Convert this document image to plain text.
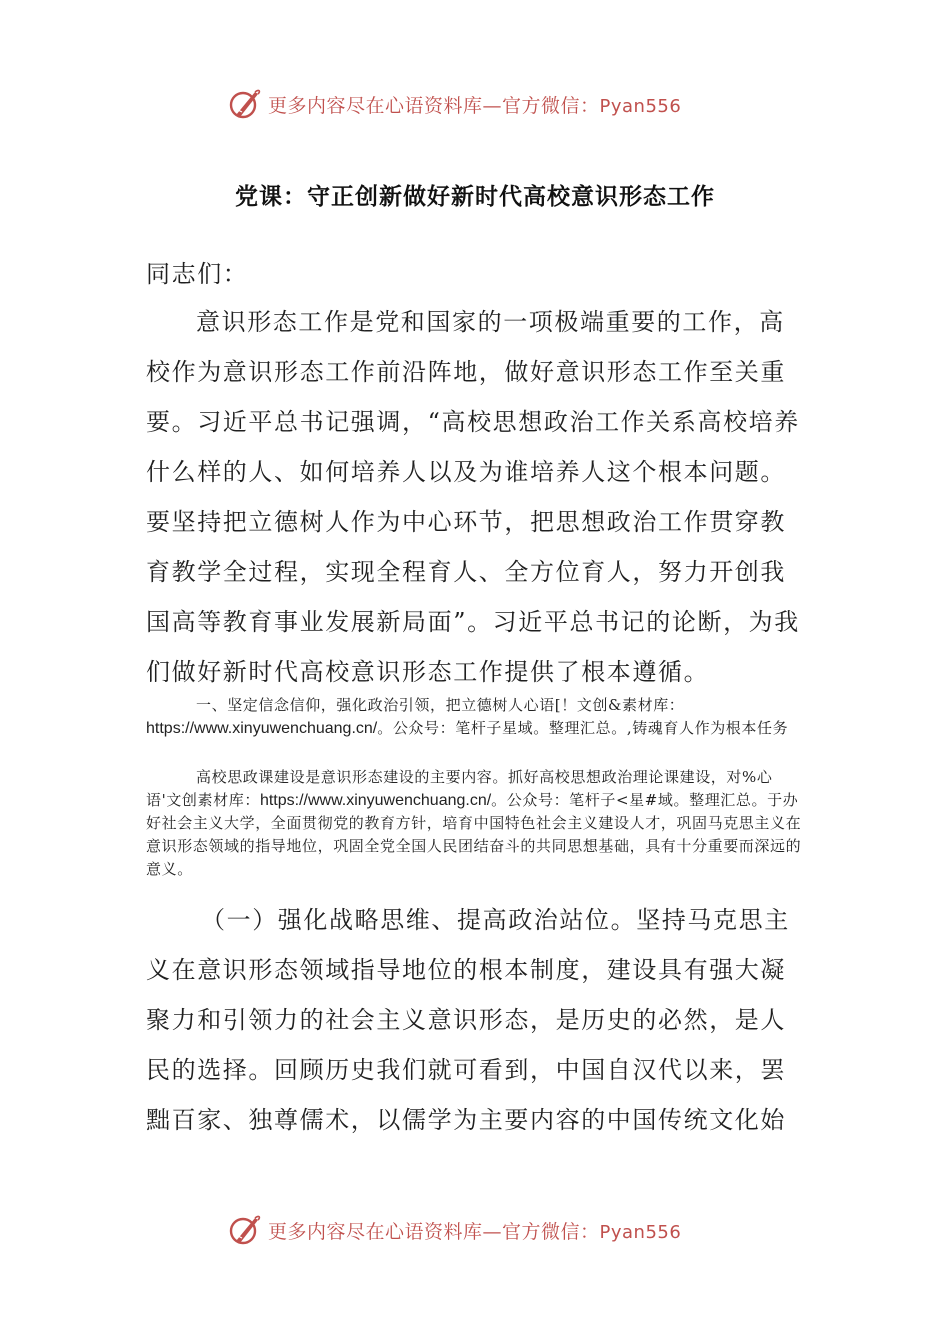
更多内容尽在心语资料库—官方微信：Pyan556
党课：守正创新做好新时代高校意识形态工作

同志们：

意识形态工作是党和国家的一项极端重要的工作，高校作为意识形态工作前沿阵地，做好意识形态工作至关重要。习近平总书记强调，“高校思想政治工作关系高校培养什么样的人、如何培养人以及为谁培养人这个根本问题。要坚持把立德树人作为中心环节，把思想政治工作贯穿教育教学全过程，实现全程育人、全方位育人，努力开创我国高等教育事业发展新局面”。习近平总书记的论断，为我们做好新时代高校意识形态工作提供了根本遵循。

一、坚定信念信仰，强化政治引领，把立德树人心语[！文创&素材库：https://www.xinyuwenchuang.cn/。公众号：笔杆子星域。整理汇总。,铸魂育人作为根本任务

高校思政课建设是意识形态建设的主要内容。抓好高校思想政治理论课建设，对%心语'文创素材库：https://www.xinyuwenchuang.cn/。公众号：笔杆子<星#域。整理汇总。于办好社会主义大学，全面贯彻党的教育方针，培育中国特色社会主义建设人才，巩固马克思主义在意识形态领域的指导地位，巩固全党全国人民团结奋斗的共同思想基础，具有十分重要而深远的意义。

（一）强化战略思维、提高政治站位。坚持马克思主义在意识形态领域指导地位的根本制度，建设具有强大凝聚力和引领力的社会主义意识形态，是历史的必然，是人民的选择。回顾历史我们就可看到，中国自汉代以来，罢黜百家、独尊儒术，以儒学为主要内容的中国传统文化始

更多内容尽在心语资料库—官方微信：Pyan556
